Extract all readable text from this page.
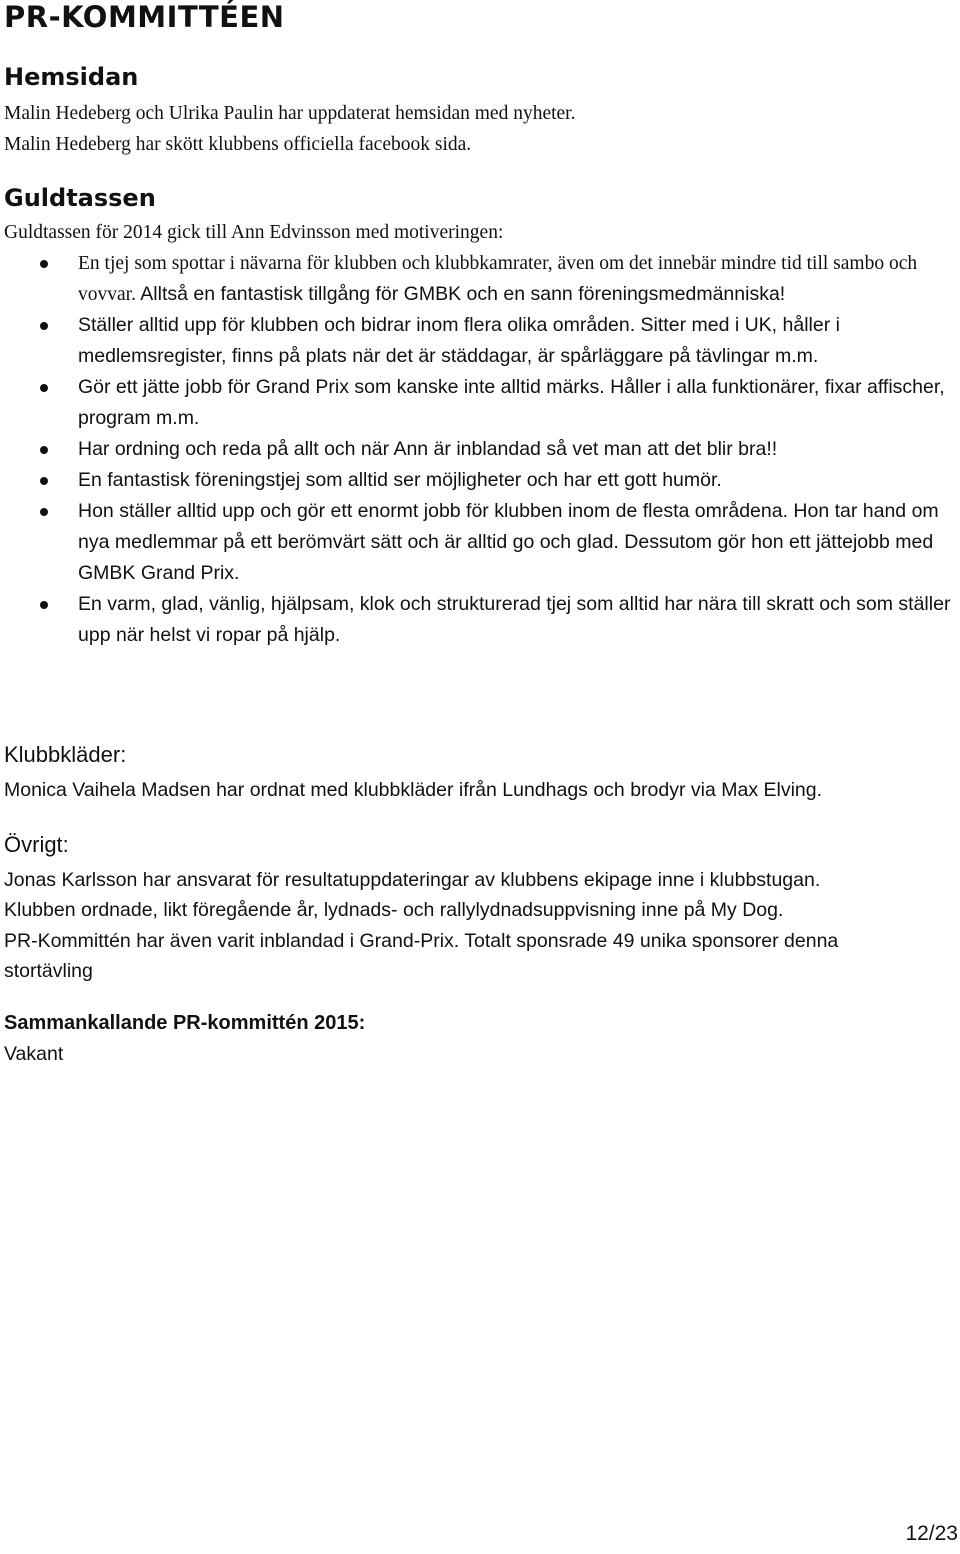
PR-KOMMITTÉEN
Hemsidan

Malin Hedeberg och Ulrika Paulin har uppdaterat hemsidan med nyheter.

Malin Hedeberg har skött klubbens officiella facebook sida.

Guldtassen

Guldtassen för 2014 gick till Ann Edvinsson med motiveringen:

En tjej som spottar i nävarna för klubben och klubbkamrater, även om det innebär mindre tid till sambo och vovvar. Alltså en fantastisk tillgång för GMBK och en sann föreningsmedmänniska!
Ställer alltid upp för klubben och bidrar inom flera olika områden. Sitter med i UK, håller i medlemsregister, finns på plats när det är städdagar, är spårläggare på tävlingar m.m.
Gör ett jätte jobb för Grand Prix som kanske inte alltid märks. Håller i alla funktionärer, fixar affischer, program m.m.
Har ordning och reda på allt och när Ann är inblandad så vet man att det blir bra!!
En fantastisk föreningstjej som alltid ser möjligheter och har ett gott humör.
Hon ställer alltid upp och gör ett enormt jobb för klubben inom de flesta områdena. Hon tar hand om nya medlemmar på ett berömvärt sätt och är alltid go och glad. Dessutom gör hon ett jättejobb med GMBK Grand Prix.
En varm, glad, vänlig, hjälpsam, klok och strukturerad tjej som alltid har nära till skratt och som ställer upp när helst vi ropar på hjälp.
Klubbkläder:

Monica Vaihela Madsen har ordnat med klubbkläder ifrån Lundhags och brodyr via Max Elving.

Övrigt:

Jonas Karlsson har ansvarat för resultatuppdateringar av klubbens ekipage inne i klubbstugan.

Klubben ordnade, likt föregående år, lydnads- och rallylydnadsuppvisning inne på My Dog.

PR-Kommittén har även varit inblandad i Grand-Prix. Totalt sponsrade 49 unika sponsorer denna

stortävling

Sammankallande PR-kommittén 2015:

Vakant

12/23
